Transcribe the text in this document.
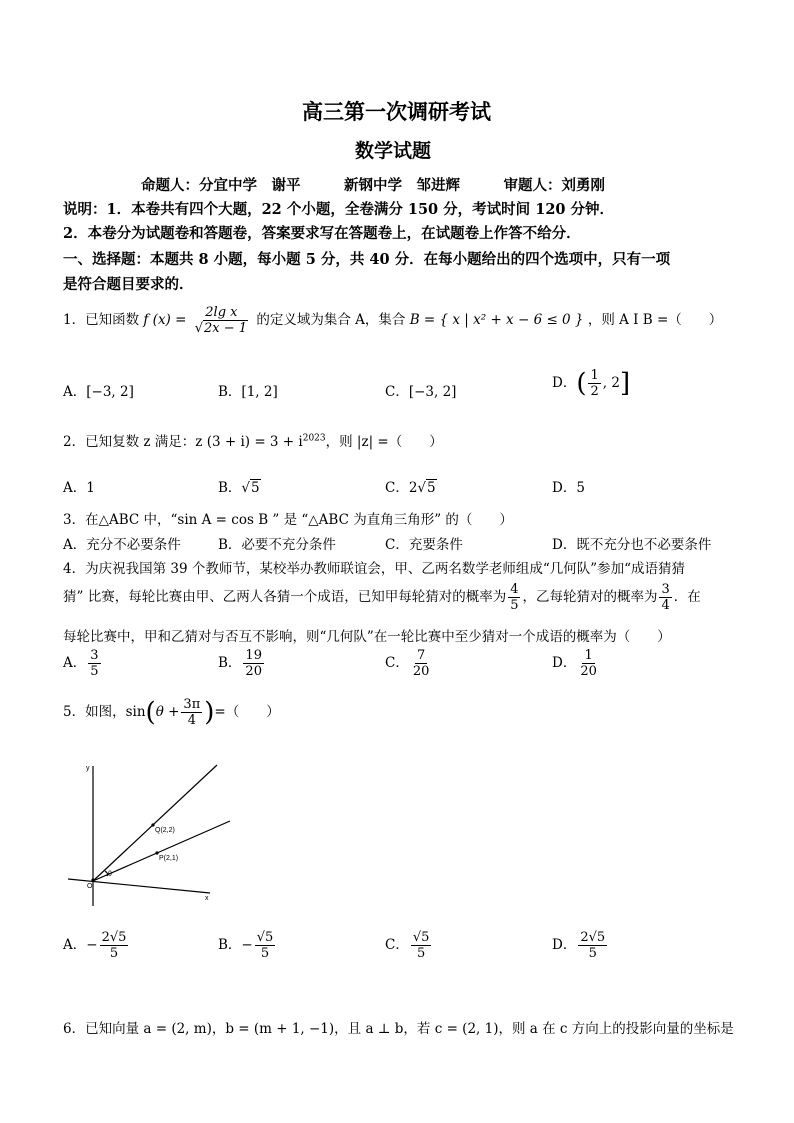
高三第一次调研考试
数学试题
命题人：分宜中学　谢平　　　新钢中学　邹进辉　　　审题人：刘勇刚
说明：1．本卷共有四个大题，22 个小题，全卷满分 150 分，考试时间 120 分钟．
2．本卷分为试题卷和答题卷，答案要求写在答题卷上，在试题卷上作答不给分．
一、选择题：本题共 8 小题，每小题 5 分，共 40 分．在每小题给出的四个选项中，只有一项
是符合题目要求的．
1．已知函数 f $(x) = \frac{\text{2lg x}}{√2x - 1}$ 的定义域为集合 A，集合 B = { x | x² + x − 6 ≤ 0 } ，则 A I B =（　　）
A．[−3, 2]	B．[1, 2]	C．[−3, 2]
D．( $\frac{1}{2}$ , 2]
2．已知复数 z 满足：z $(3 + i) = 3 + i^{2023}$，则 |z| =（　　）
A．1	B．√5	C．2√5	D．5
3．在△ABC 中，“sin A = cos B ” 是 “△ABC 为直角三角形” 的（　　）
A．充分不必要条件	B．必要不充分条件	C．充要条件	D．既不充分也不必要条件
4．为庆祝我国第 39 个教师节，某校举办教师联谊会，甲、乙两名数学老师组成“几何队”参加“成语猜猜
猜” 比赛，每轮比赛由甲、乙两人各猜一个成语，已知甲每轮猜对的概率为 $\frac{4}{5}$ ，乙每轮猜对的概率为 $\frac{3}{4}$ ．在
每轮比赛中，甲和乙猜对与否互不影响，则“几何队”在一轮比赛中至少猜对一个成语的概率为（　　）
A． $\frac{3}{5}$	B． $\frac{19}{20}$	C． $\frac{7}{20}$	D． $\frac{1}{20}$
5．如图，$\sin(\theta + \frac{3\pi}{4}$ )=（　　）
y
x
O
Q(2,2)
P(2,1)
θ
A．− $\frac{2√5}{5}$	B．− $\frac{√5}{5}$	C． $\frac{√5}{5}$	D． $\frac{2√5}{5}$
6．已知向量 a = (2, m)，b = (m + 1, −1)，且 a ⊥ b，若 c = (2, 1)，则 a 在 c 方向上的投影向量的坐标是
